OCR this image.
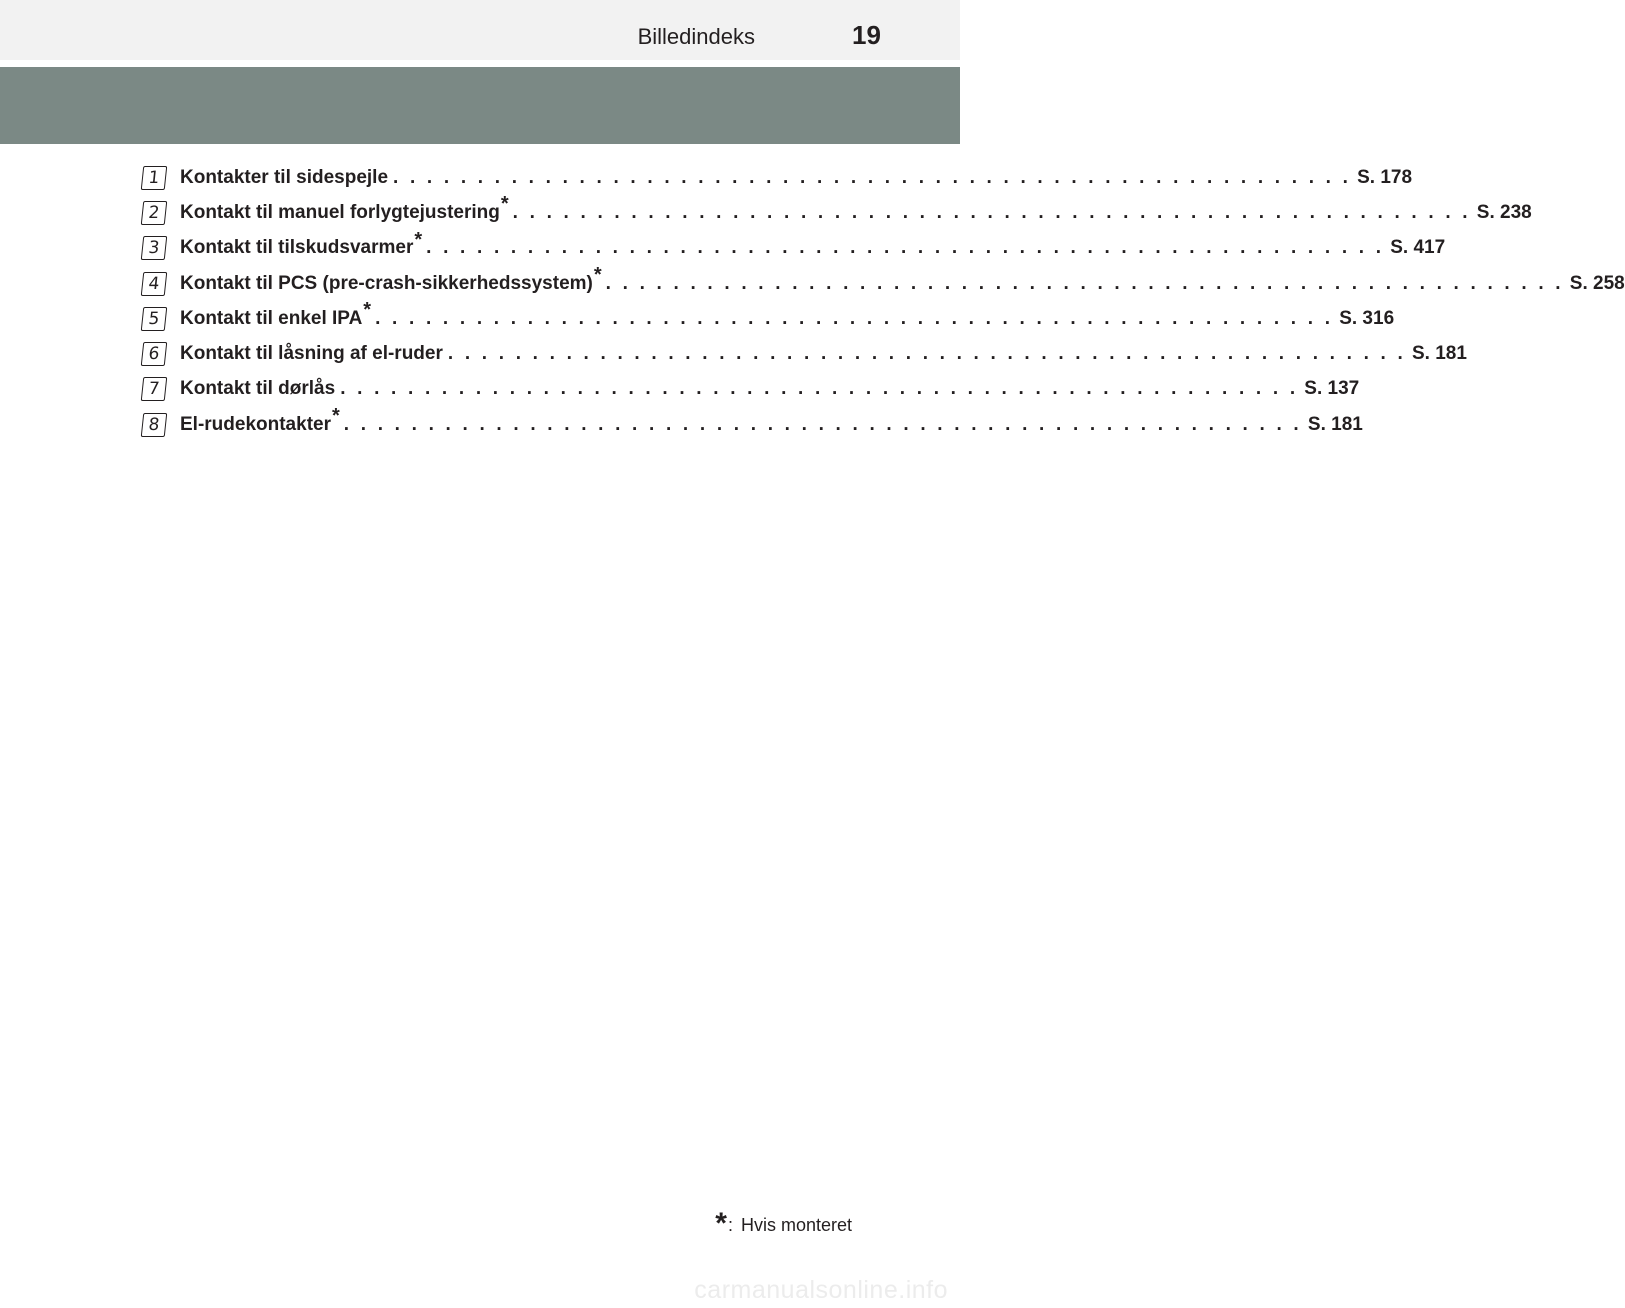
Billedindeks	19
1	Kontakter til sidespejle . . . . . . . . . . . . . . . . . . . . . . . . . . . . . . . . . . . . . . . . . . . . . . . . . . . . . . . . . S. 178
2	Kontakt til manuel forlygtejustering * . . . . . . . . . . . . . . . . . . . . . . . . . . . . . . . . . . . . . . . . . . . . . . . . . . . . . . . . . S. 238
3	Kontakt til tilskudsvarmer * . . . . . . . . . . . . . . . . . . . . . . . . . . . . . . . . . . . . . . . . . . . . . . . . . . . . . . . . . S. 417
4	Kontakt til PCS (pre-crash-sikkerhedssystem) * . . . . . . . . . . . . . . . . . . . . . . . . . . . . . . . . . . . . . . . . . . . . . . . . . . . . . . . . . S. 258
5	Kontakt til enkel IPA * . . . . . . . . . . . . . . . . . . . . . . . . . . . . . . . . . . . . . . . . . . . . . . . . . . . . . . . . . S. 316
6	Kontakt til låsning af el-ruder . . . . . . . . . . . . . . . . . . . . . . . . . . . . . . . . . . . . . . . . . . . . . . . . . . . . . . . . . S. 181
7	Kontakt til dørlås . . . . . . . . . . . . . . . . . . . . . . . . . . . . . . . . . . . . . . . . . . . . . . . . . . . . . . . . . S. 137
8	El-rudekontakter * . . . . . . . . . . . . . . . . . . . . . . . . . . . . . . . . . . . . . . . . . . . . . . . . . . . . . . . . . S. 181
* : Hvis monteret
carmanualsonline.info
